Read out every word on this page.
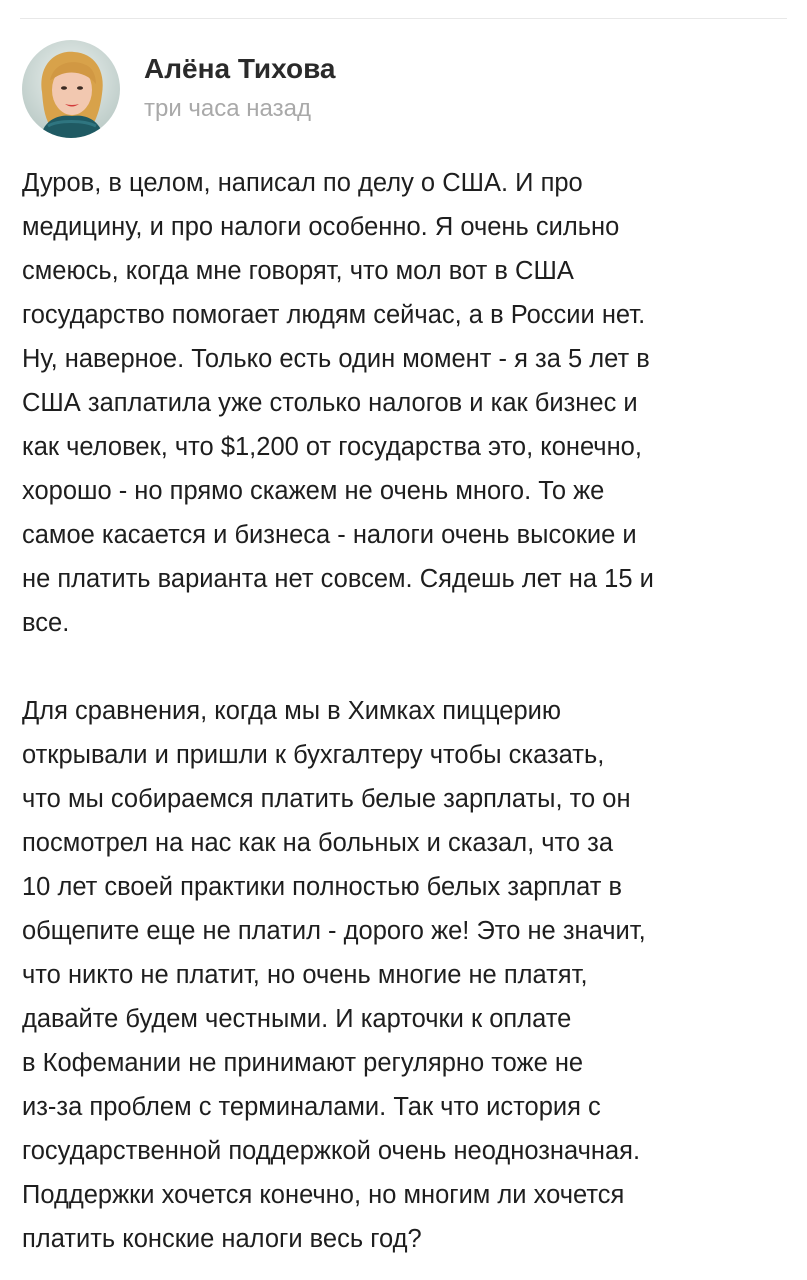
Алёна Тихова
три часа назад

Дуров, в целом, написал по делу о США. И про
медицину, и про налоги особенно. Я очень сильно
смеюсь, когда мне говорят, что мол вот в США
государство помогает людям сейчас, а в России нет.
Ну, наверное. Только есть один момент - я за 5 лет в
США заплатила уже столько налогов и как бизнес и
как человек, что $1,200 от государства это, конечно,
хорошо - но прямо скажем не очень много. То же
самое касается и бизнеса - налоги очень высокие и
не платить варианта нет совсем. Сядешь лет на 15 и
все.

Для сравнения, когда мы в Химках пиццерию
открывали и пришли к бухгалтеру чтобы сказать,
что мы собираемся платить белые зарплаты, то он
посмотрел на нас как на больных и сказал, что за
10 лет своей практики полностью белых зарплат в
общепите еще не платил - дорого же! Это не значит,
что никто не платит, но очень многие не платят,
давайте будем честными. И карточки к оплате
в Кофемании не принимают регулярно тоже не
из-за проблем с терминалами. Так что история с
государственной поддержкой очень неоднозначная.
Поддержки хочется конечно, но многим ли хочется
платить конские налоги весь год?
